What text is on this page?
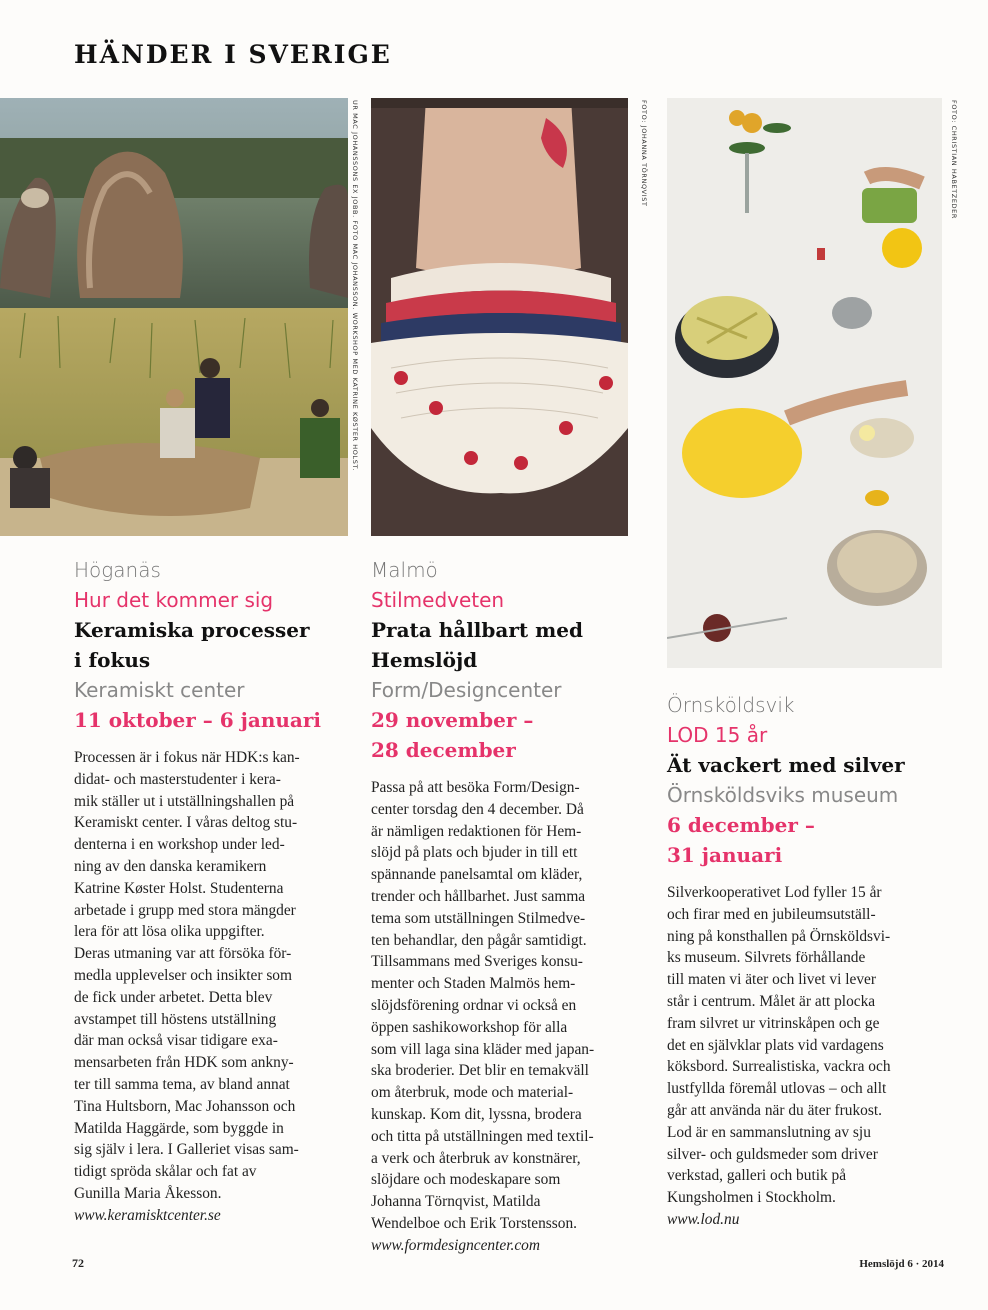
HÄNDER I SVERIGE
UR MAC JOHANSSONS EX JOBB. FOTO MAC JOHANSSON. WORKSHOP MED KATRINE KØSTER HOLST.	FOTO: JOHANNA TÖRNQVIST	FOTO: CHRISTIAN HABETZEDER
Höganäs
Hur det kommer sig
Keramiska processer
i fokus
Keramiskt center
11 oktober – 6 januari
Processen är i fokus när HDK:s kan-
didat- och masterstudenter i kera-
mik ställer ut i utställningshallen på
Keramiskt center. I våras deltog stu-
denterna i en workshop under led-
ning av den danska keramikern
Katrine Køster Holst. Studenterna
arbetade i grupp med stora mängder
lera för att lösa olika uppgifter.
Deras utmaning var att försöka för-
medla upplevelser och insikter som
de fick under arbetet. Detta blev
avstampet till höstens utställning
där man också visar tidigare exa-
mensarbeten från HDK som ankny-
ter till samma tema, av bland annat
Tina Hultsborn, Mac Johansson och
Matilda Haggärde, som byggde in
sig själv i lera. I Galleriet visas sam-
tidigt spröda skålar och fat av
Gunilla Maria Åkesson.
www.keramisktcenter.se
Malmö
Stilmedveten
Prata hållbart med
Hemslöjd
Form/Designcenter
29 november –
28 december
Passa på att besöka Form/Design-
center torsdag den 4 december. Då
är nämligen redaktionen för Hem-
slöjd på plats och bjuder in till ett
spännande panelsamtal om kläder,
trender och hållbarhet. Just samma
tema som utställningen Stilmedve-
ten behandlar, den pågår samtidigt.
Tillsammans med Sveriges konsu-
menter och Staden Malmös hem-
slöjdsförening ordnar vi också en
öppen sashikoworkshop för alla
som vill laga sina kläder med japan-
ska broderier. Det blir en temakväll
om återbruk, mode och material-
kunskap. Kom dit, lyssna, brodera
och titta på utställningen med textil-
a verk och återbruk av konstnärer,
slöjdare och modeskapare som
Johanna Törnqvist, Matilda
Wendelboe och Erik Torstensson.
www.formdesigncenter.com
Örnsköldsvik
LOD 15 år
Ät vackert med silver
Örnsköldsviks museum
6 december –
31 januari
Silverkooperativet Lod fyller 15 år
och firar med en jubileumsutställ-
ning på konsthallen på Örnsköldsvi-
ks museum. Silvrets förhållande
till maten vi äter och livet vi lever
står i centrum. Målet är att plocka
fram silvret ur vitrinskåpen och ge
det en självklar plats vid vardagens
köksbord. Surrealistiska, vackra och
lustfyllda föremål utlovas – och allt
går att använda när du äter frukost.
Lod är en sammanslutning av sju
silver- och guldsmeder som driver
verkstad, galleri och butik på
Kungsholmen i Stockholm.
www.lod.nu
72	Hemslöjd 6 · 2014
